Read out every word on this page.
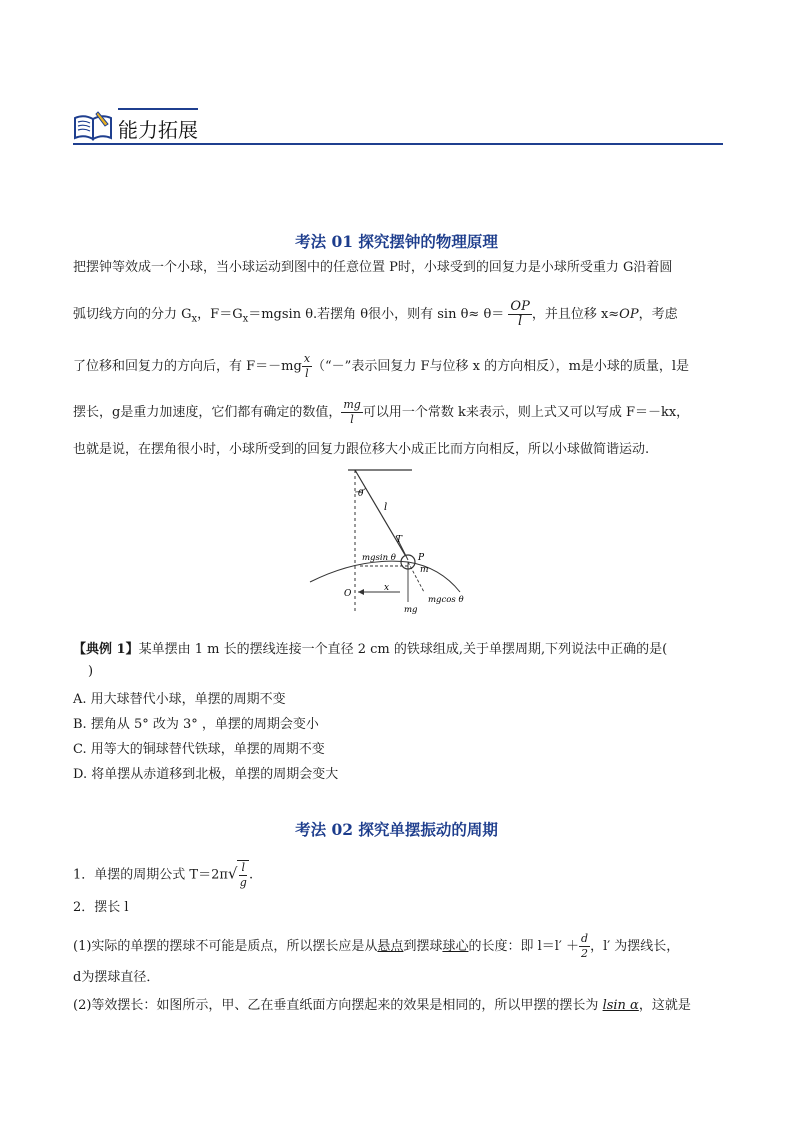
能力拓展
考法 01 探究摆钟的物理原理
把摆钟等效成一个小球，当小球运动到图中的任意位置 P时，小球受到的回复力是小球所受重力 G沿着圆
弧切线方向的分力 $G_x$，$F=G_x=mgsin$ θ.若摆角 θ很小，则有 $\sin \theta\approx \theta= \frac{OP}{l}$ ，并且位移 x≈OP，考虑
了位移和回复力的方向后，有 $F=-mg \frac{x}{l}$ （“－”表示回复力 F与位移 x 的方向相反），m是小球的质量，l是
摆长，g是重力加速度，它们都有确定的数值， $\frac{mg}{l}$ 可以用一个常数 k来表示，则上式又可以写成 F＝－kx，
也就是说，在摆角很小时，小球所受到的回复力跟位移大小成正比而方向相反，所以小球做简谐运动.
θ
l
T
P
m
mgsin θ
O
x
mg
mgcos θ
【典例 1】某单摆由 1 m 长的摆线连接一个直径 2 cm 的铁球组成,关于单摆周期,下列说法中正确的是(
)
A. 用大球替代小球，单摆的周期不变
B. 摆角从 5° 改为 3° ，单摆的周期会变小
C. 用等大的铜球替代铁球，单摆的周期不变
D. 将单摆从赤道移到北极，单摆的周期会变大
考法 02 探究单摆振动的周期
1．单摆的周期公式 $T=2\pi√ \frac{l}{g}$ .
2．摆长 l
(1)实际的单摆的摆球不可能是质点，所以摆长应是从悬点到摆球球心的长度：即 $l=l' + \frac{d}{2}$ ，l′ 为摆线长，
d为摆球直径．
(2)等效摆长：如图所示，甲、乙在垂直纸面方向摆起来的效果是相同的，所以甲摆的摆长为 lsin α，这就是
